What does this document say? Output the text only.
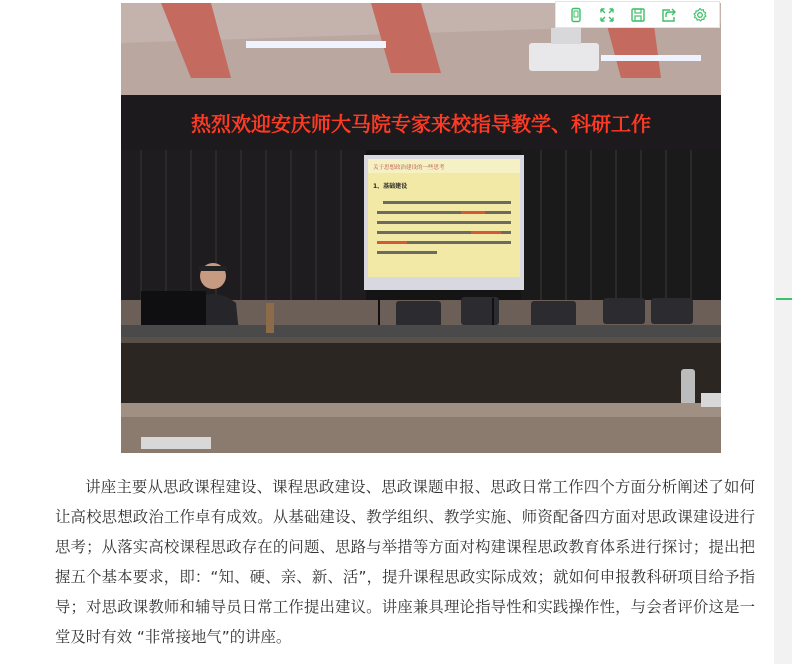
热烈欢迎安庆师大马院专家来校指导教学、科研工作
关于思想政治建设的一些思考
1、基础建设

讲座主要从思政课程建设、课程思政建设、思政课题申报、思政日常工作四个方面分析阐述了如何让高校思想政治工作卓有成效。从基础建设、教学组织、教学实施、师资配备四方面对思政课建设进行思考；从落实高校课程思政存在的问题、思路与举措等方面对构建课程思政教育体系进行探讨；提出把握五个基本要求，即：“知、硬、亲、新、活”，提升课程思政实际成效；就如何申报教科研项目给予指导；对思政课教师和辅导员日常工作提出建议。讲座兼具理论指导性和实践操作性，与会者评价这是一堂及时有效 “非常接地气”的讲座。
